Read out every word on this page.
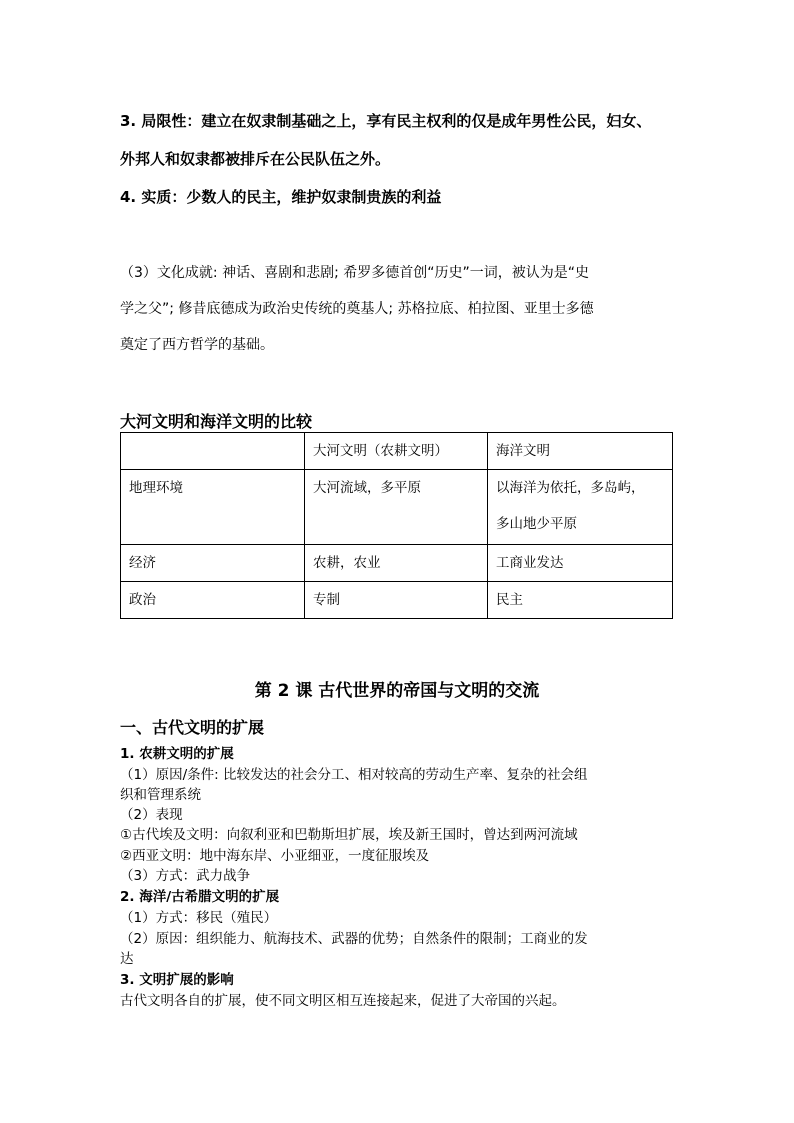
3. 局限性：建立在奴隶制基础之上，享有民主权利的仅是成年男性公民，妇女、
外邦人和奴隶都被排斥在公民队伍之外。
4. 实质：少数人的民主，维护奴隶制贵族的利益
（3）文化成就: 神话、喜剧和悲剧; 希罗多德首创“历史”一词，被认为是“史
学之父”; 修昔底德成为政治史传统的奠基人; 苏格拉底、柏拉图、亚里士多德
奠定了西方哲学的基础。
大河文明和海洋文明的比较
	大河文明（农耕文明）	海洋文明
地理环境	大河流域，多平原	以海洋为依托，多岛屿，
多山地少平原

经济	农耕，农业	工商业发达
政治	专制	民主
第 2 课 古代世界的帝国与文明的交流
一、古代文明的扩展
1. 农耕文明的扩展
（1）原因/条件: 比较发达的社会分工、相对较高的劳动生产率、复杂的社会组
织和管理系统
（2）表现
①古代埃及文明：向叙利亚和巴勒斯坦扩展，埃及新王国时，曾达到两河流域
②西亚文明：地中海东岸、小亚细亚，一度征服埃及
（3）方式：武力战争
2. 海洋/古希腊文明的扩展
（1）方式：移民（殖民）
（2）原因：组织能力、航海技术、武器的优势；自然条件的限制；工商业的发
达
3. 文明扩展的影响
古代文明各自的扩展，使不同文明区相互连接起来，促进了大帝国的兴起。
